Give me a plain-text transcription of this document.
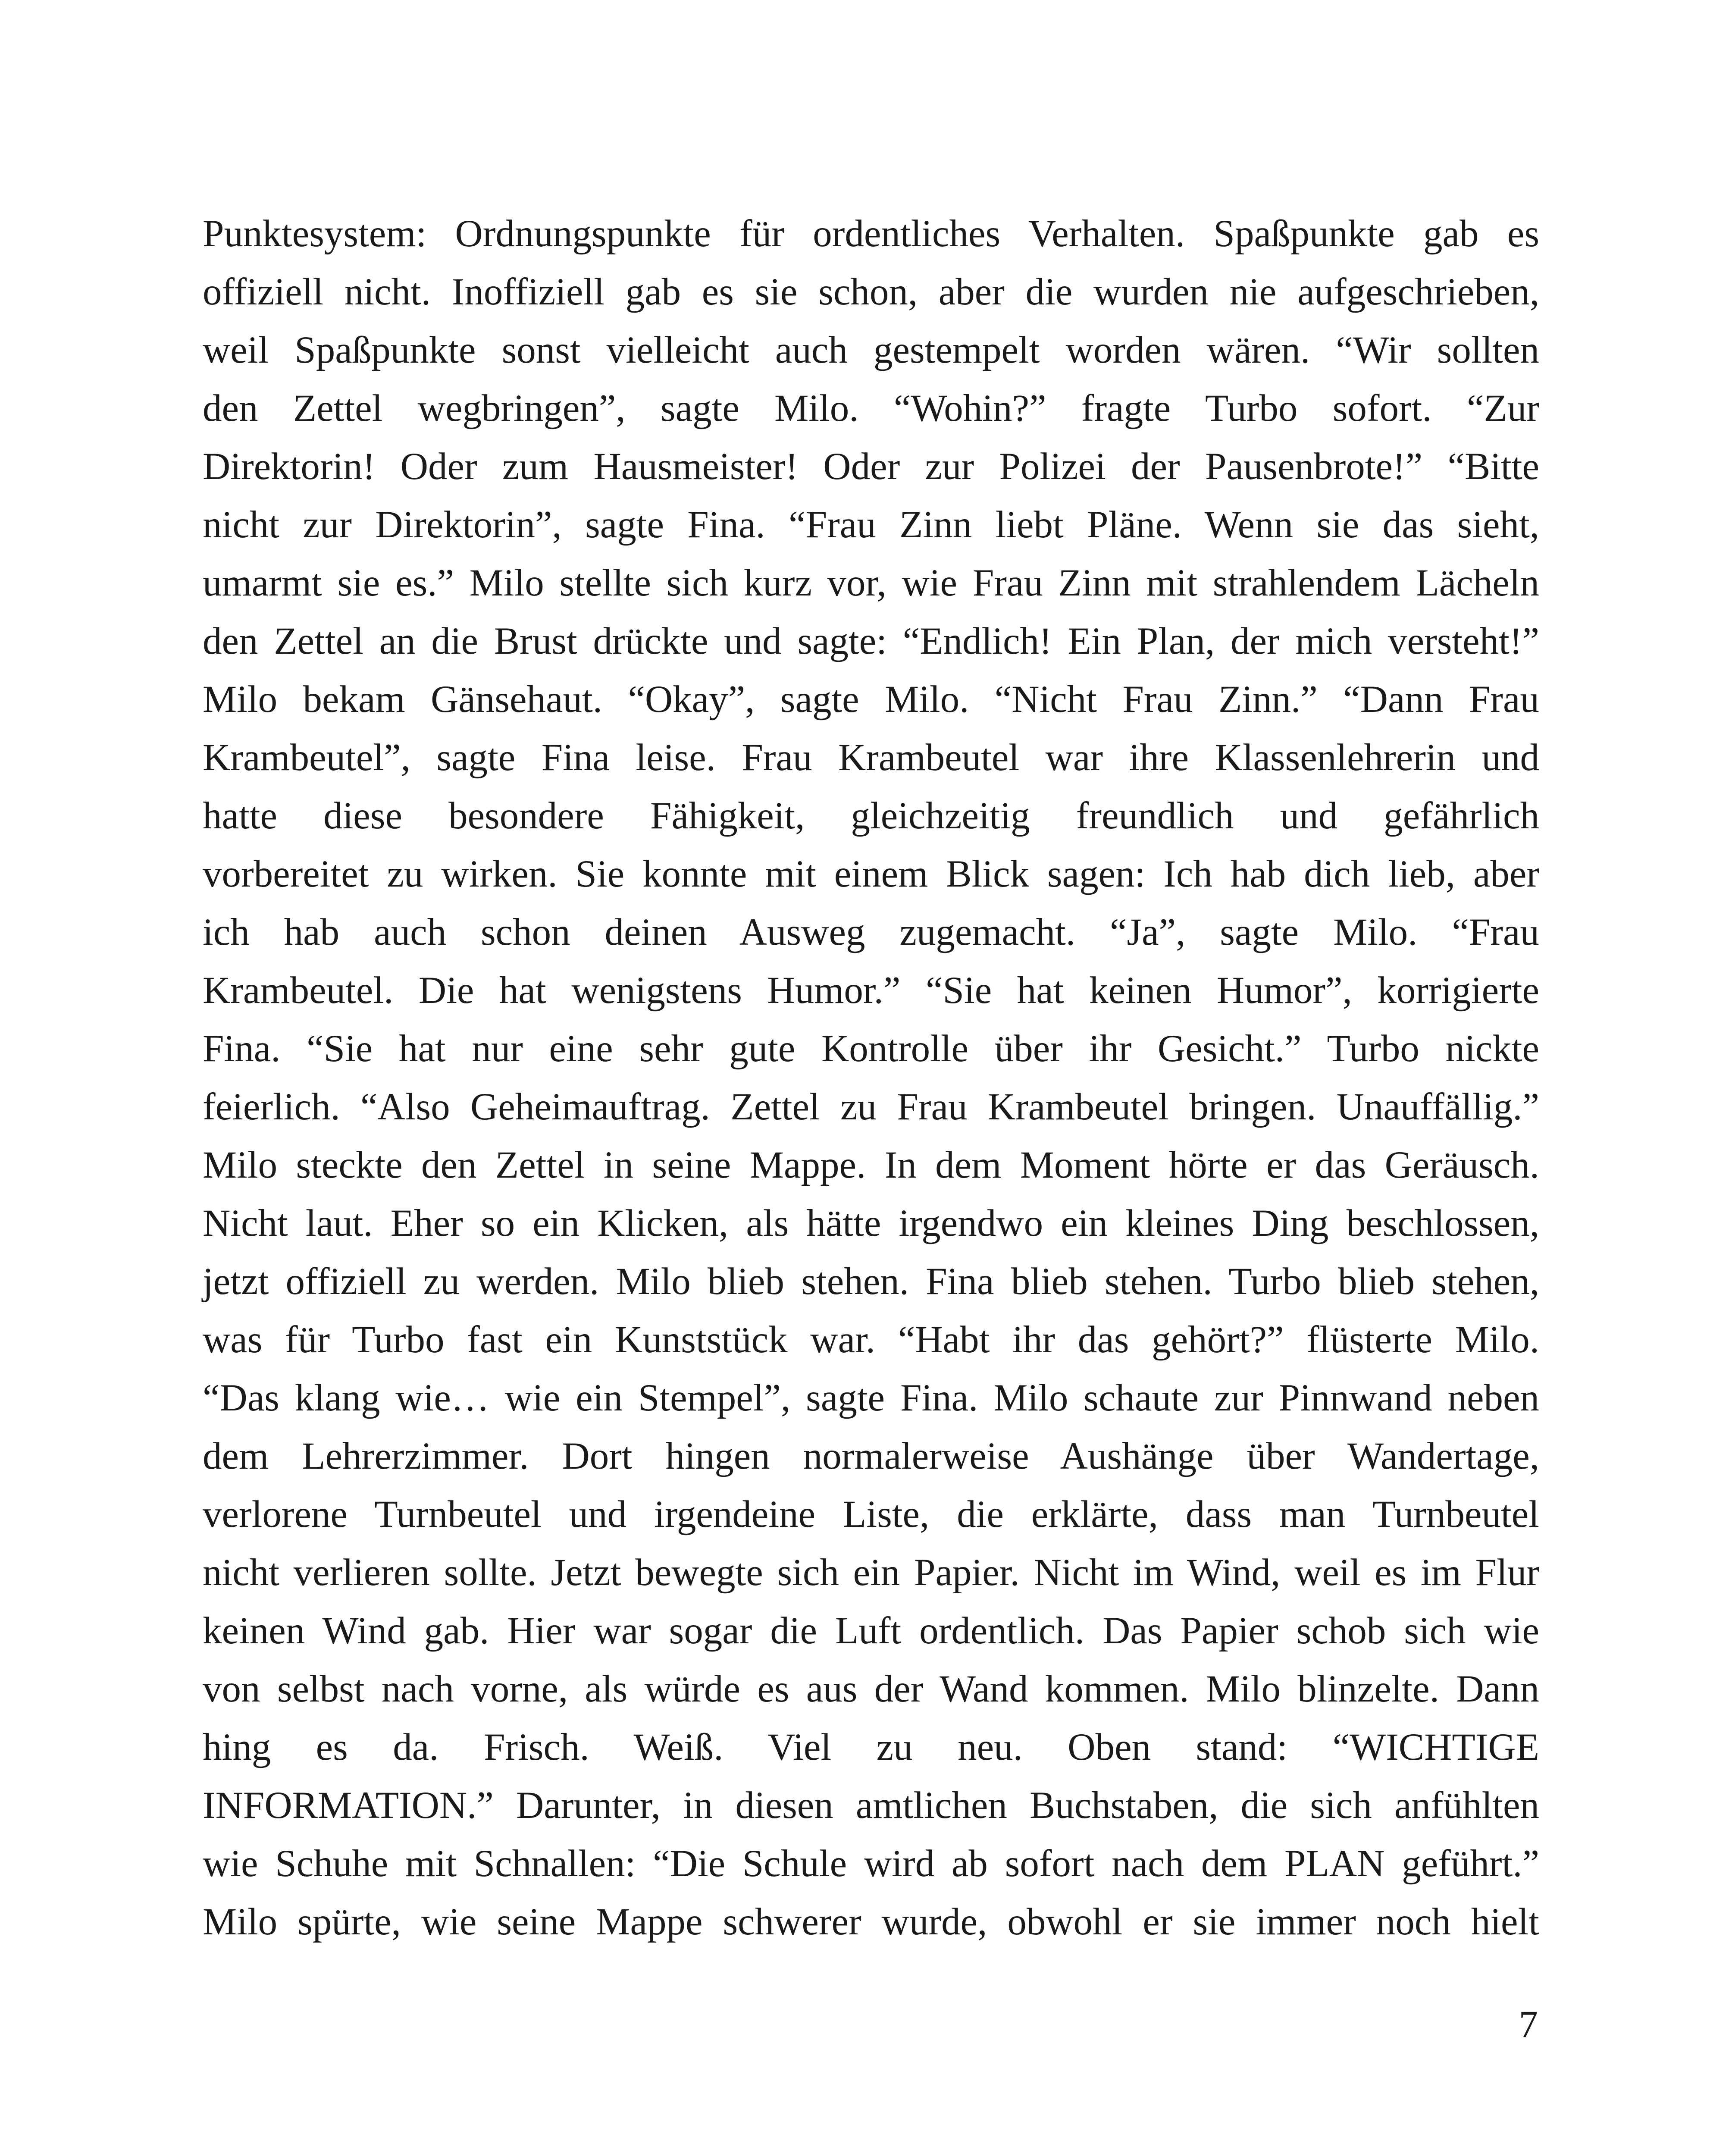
Punktesystem: Ordnungspunkte für ordentliches Verhalten. Spaßpunkte gab es
offiziell nicht. Inoffiziell gab es sie schon, aber die wurden nie aufgeschrieben,
weil Spaßpunkte sonst vielleicht auch gestempelt worden wären. “Wir sollten
den Zettel wegbringen”, sagte Milo. “Wohin?” fragte Turbo sofort. “Zur
Direktorin! Oder zum Hausmeister! Oder zur Polizei der Pausenbrote!” “Bitte
nicht zur Direktorin”, sagte Fina. “Frau Zinn liebt Pläne. Wenn sie das sieht,
umarmt sie es.” Milo stellte sich kurz vor, wie Frau Zinn mit strahlendem Lächeln
den Zettel an die Brust drückte und sagte: “Endlich! Ein Plan, der mich versteht!”
Milo bekam Gänsehaut. “Okay”, sagte Milo. “Nicht Frau Zinn.” “Dann Frau
Krambeutel”, sagte Fina leise. Frau Krambeutel war ihre Klassenlehrerin und
hatte diese besondere Fähigkeit, gleichzeitig freundlich und gefährlich
vorbereitet zu wirken. Sie konnte mit einem Blick sagen: Ich hab dich lieb, aber
ich hab auch schon deinen Ausweg zugemacht. “Ja”, sagte Milo. “Frau
Krambeutel. Die hat wenigstens Humor.” “Sie hat keinen Humor”, korrigierte
Fina. “Sie hat nur eine sehr gute Kontrolle über ihr Gesicht.” Turbo nickte
feierlich. “Also Geheimauftrag. Zettel zu Frau Krambeutel bringen. Unauffällig.”
Milo steckte den Zettel in seine Mappe. In dem Moment hörte er das Geräusch.
Nicht laut. Eher so ein Klicken, als hätte irgendwo ein kleines Ding beschlossen,
jetzt offiziell zu werden. Milo blieb stehen. Fina blieb stehen. Turbo blieb stehen,
was für Turbo fast ein Kunststück war. “Habt ihr das gehört?” flüsterte Milo.
“Das klang wie… wie ein Stempel”, sagte Fina. Milo schaute zur Pinnwand neben
dem Lehrerzimmer. Dort hingen normalerweise Aushänge über Wandertage,
verlorene Turnbeutel und irgendeine Liste, die erklärte, dass man Turnbeutel
nicht verlieren sollte. Jetzt bewegte sich ein Papier. Nicht im Wind, weil es im Flur
keinen Wind gab. Hier war sogar die Luft ordentlich. Das Papier schob sich wie
von selbst nach vorne, als würde es aus der Wand kommen. Milo blinzelte. Dann
hing es da. Frisch. Weiß. Viel zu neu. Oben stand: “WICHTIGE
INFORMATION.” Darunter, in diesen amtlichen Buchstaben, die sich anfühlten
wie Schuhe mit Schnallen: “Die Schule wird ab sofort nach dem PLAN geführt.”
Milo spürte, wie seine Mappe schwerer wurde, obwohl er sie immer noch hielt
7
